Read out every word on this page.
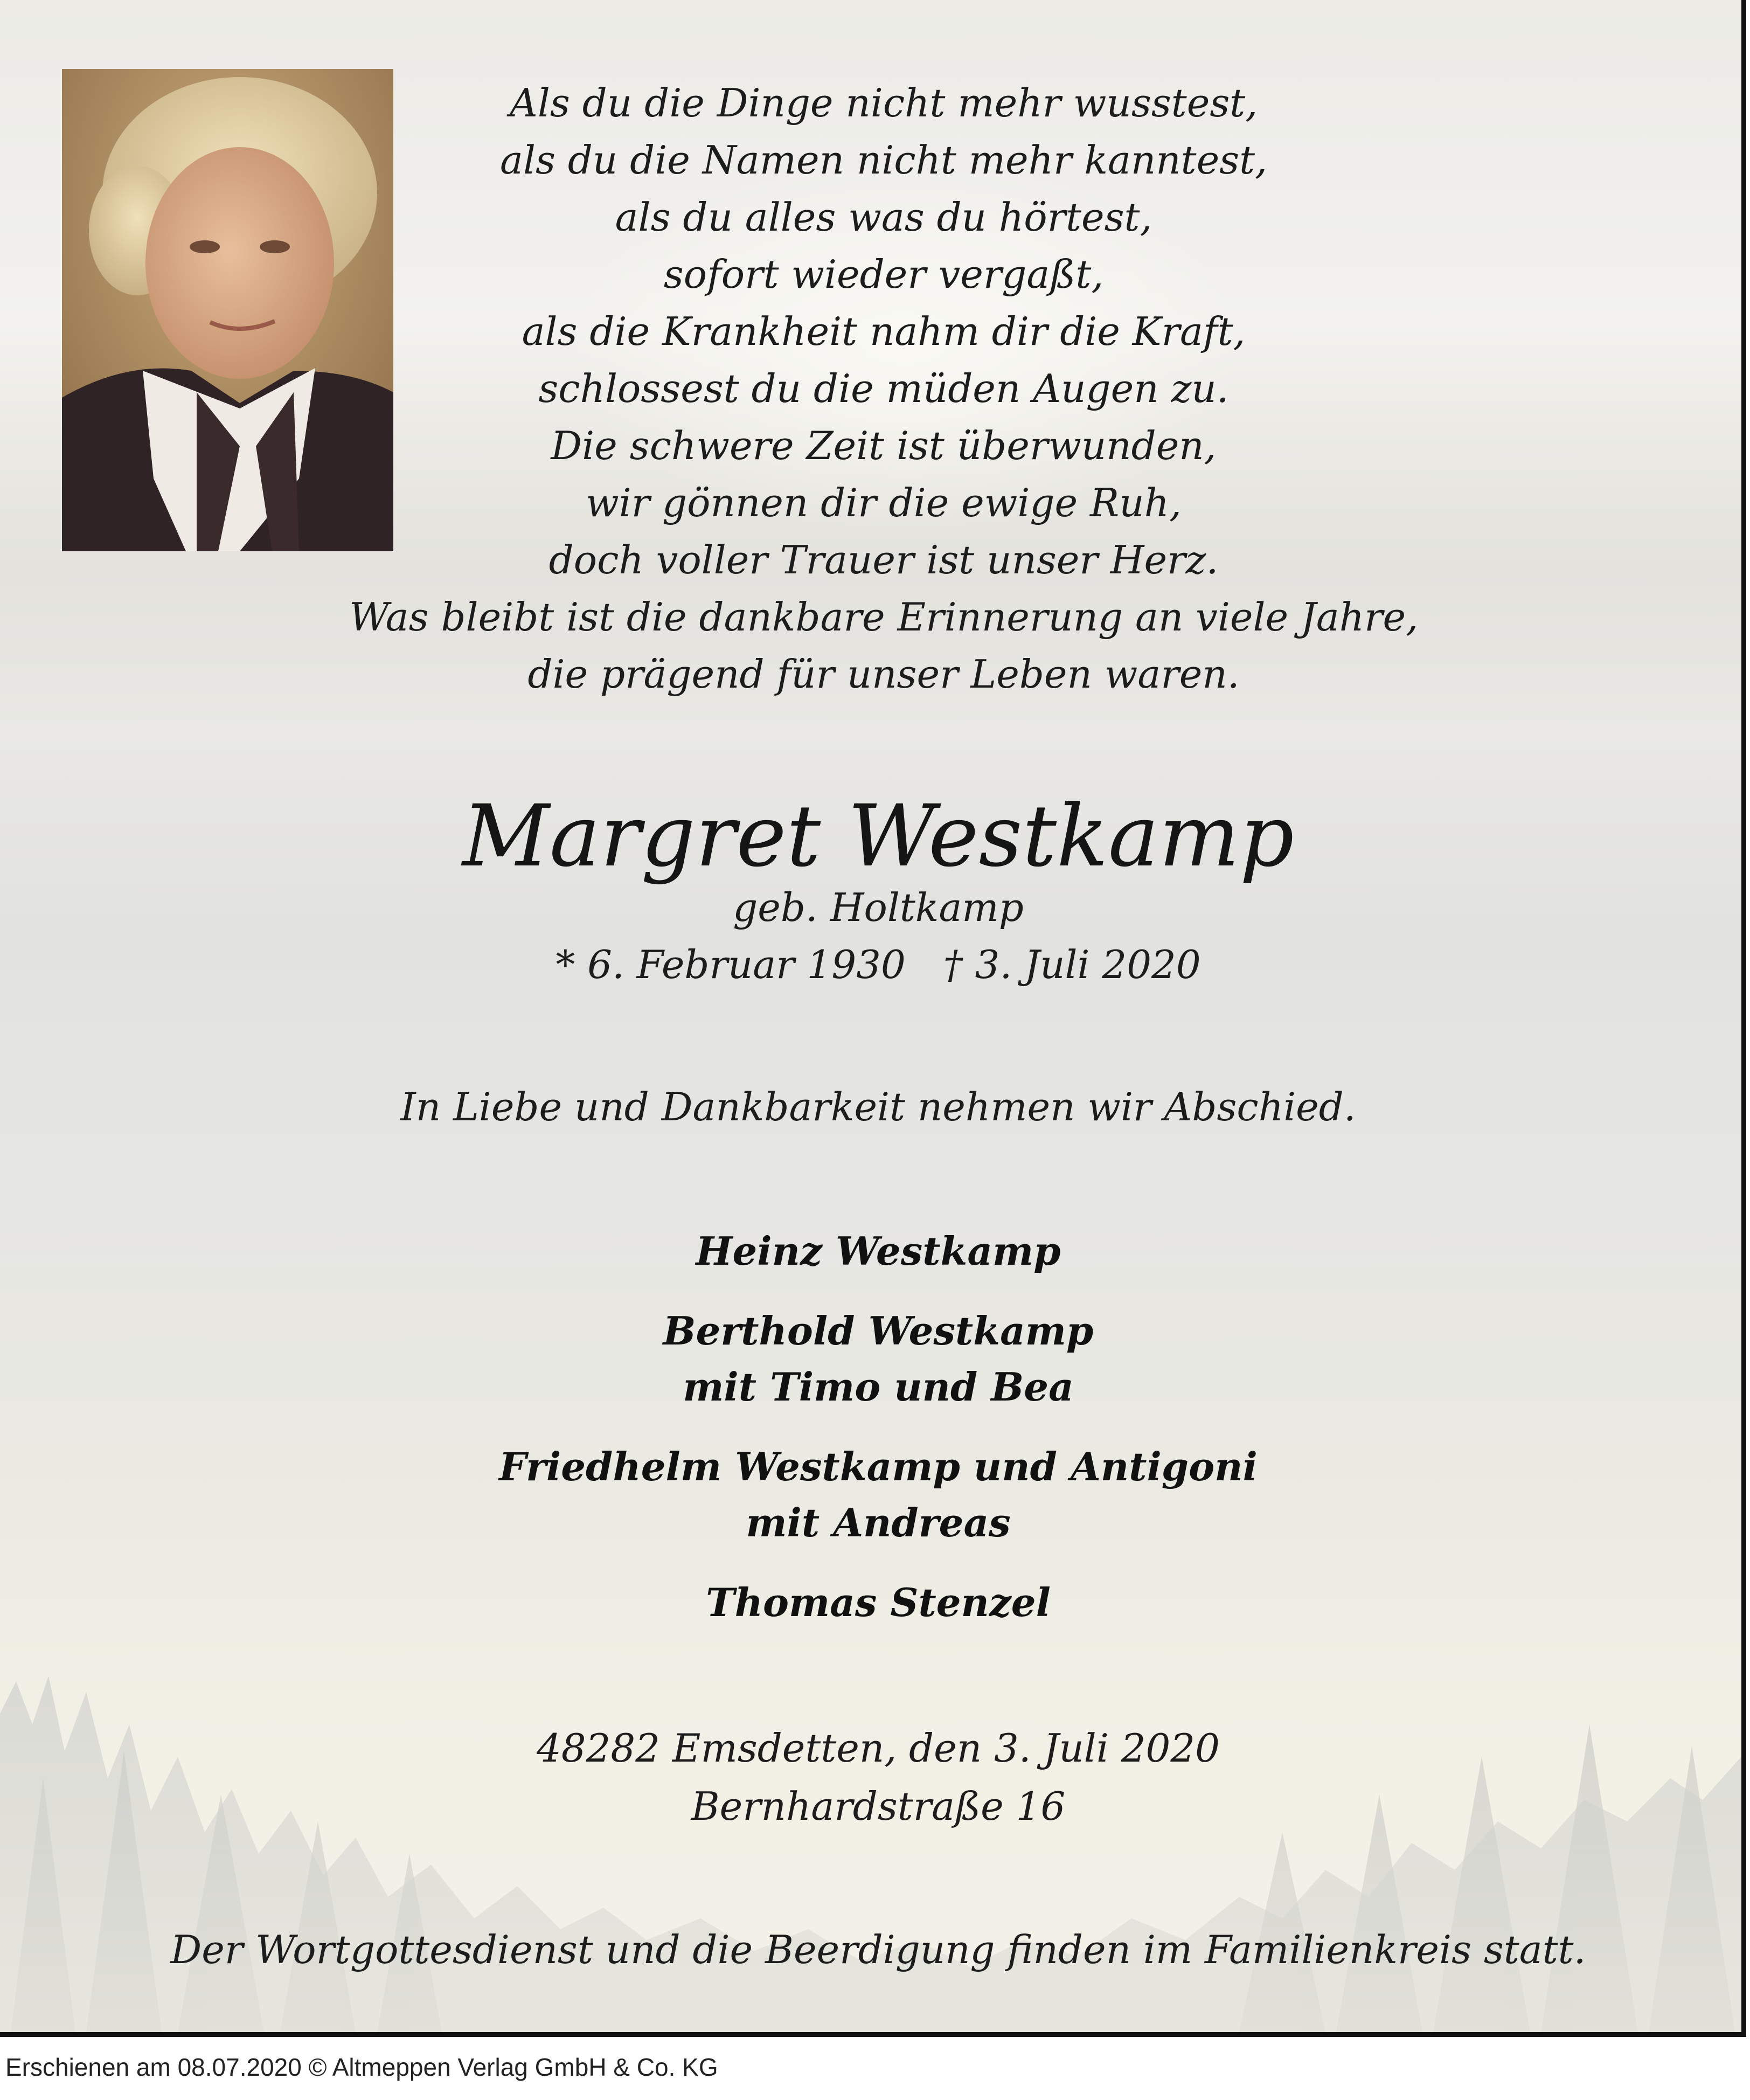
Als du die Dinge nicht mehr wusstest,
als du die Namen nicht mehr kanntest,
als du alles was du hörtest,
sofort wieder vergaßt,
als die Krankheit nahm dir die Kraft,
schlossest du die müden Augen zu.
Die schwere Zeit ist überwunden,
wir gönnen dir die ewige Ruh,
doch voller Trauer ist unser Herz.
Was bleibt ist die dankbare Erinnerung an viele Jahre,
die prägend für unser Leben waren.
Margret Westkamp
geb. Holtkamp
* 6. Februar 1930 † 3. Juli 2020
In Liebe und Dankbarkeit nehmen wir Abschied.
Heinz Westkamp
Berthold Westkamp
mit Timo und Bea
Friedhelm Westkamp und Antigoni
mit Andreas
Thomas Stenzel
48282 Emsdetten, den 3. Juli 2020
Bernhardstraße 16
Der Wortgottesdienst und die Beerdigung finden im Familienkreis statt.
Erschienen am 08.07.2020 © Altmeppen Verlag GmbH & Co. KG
